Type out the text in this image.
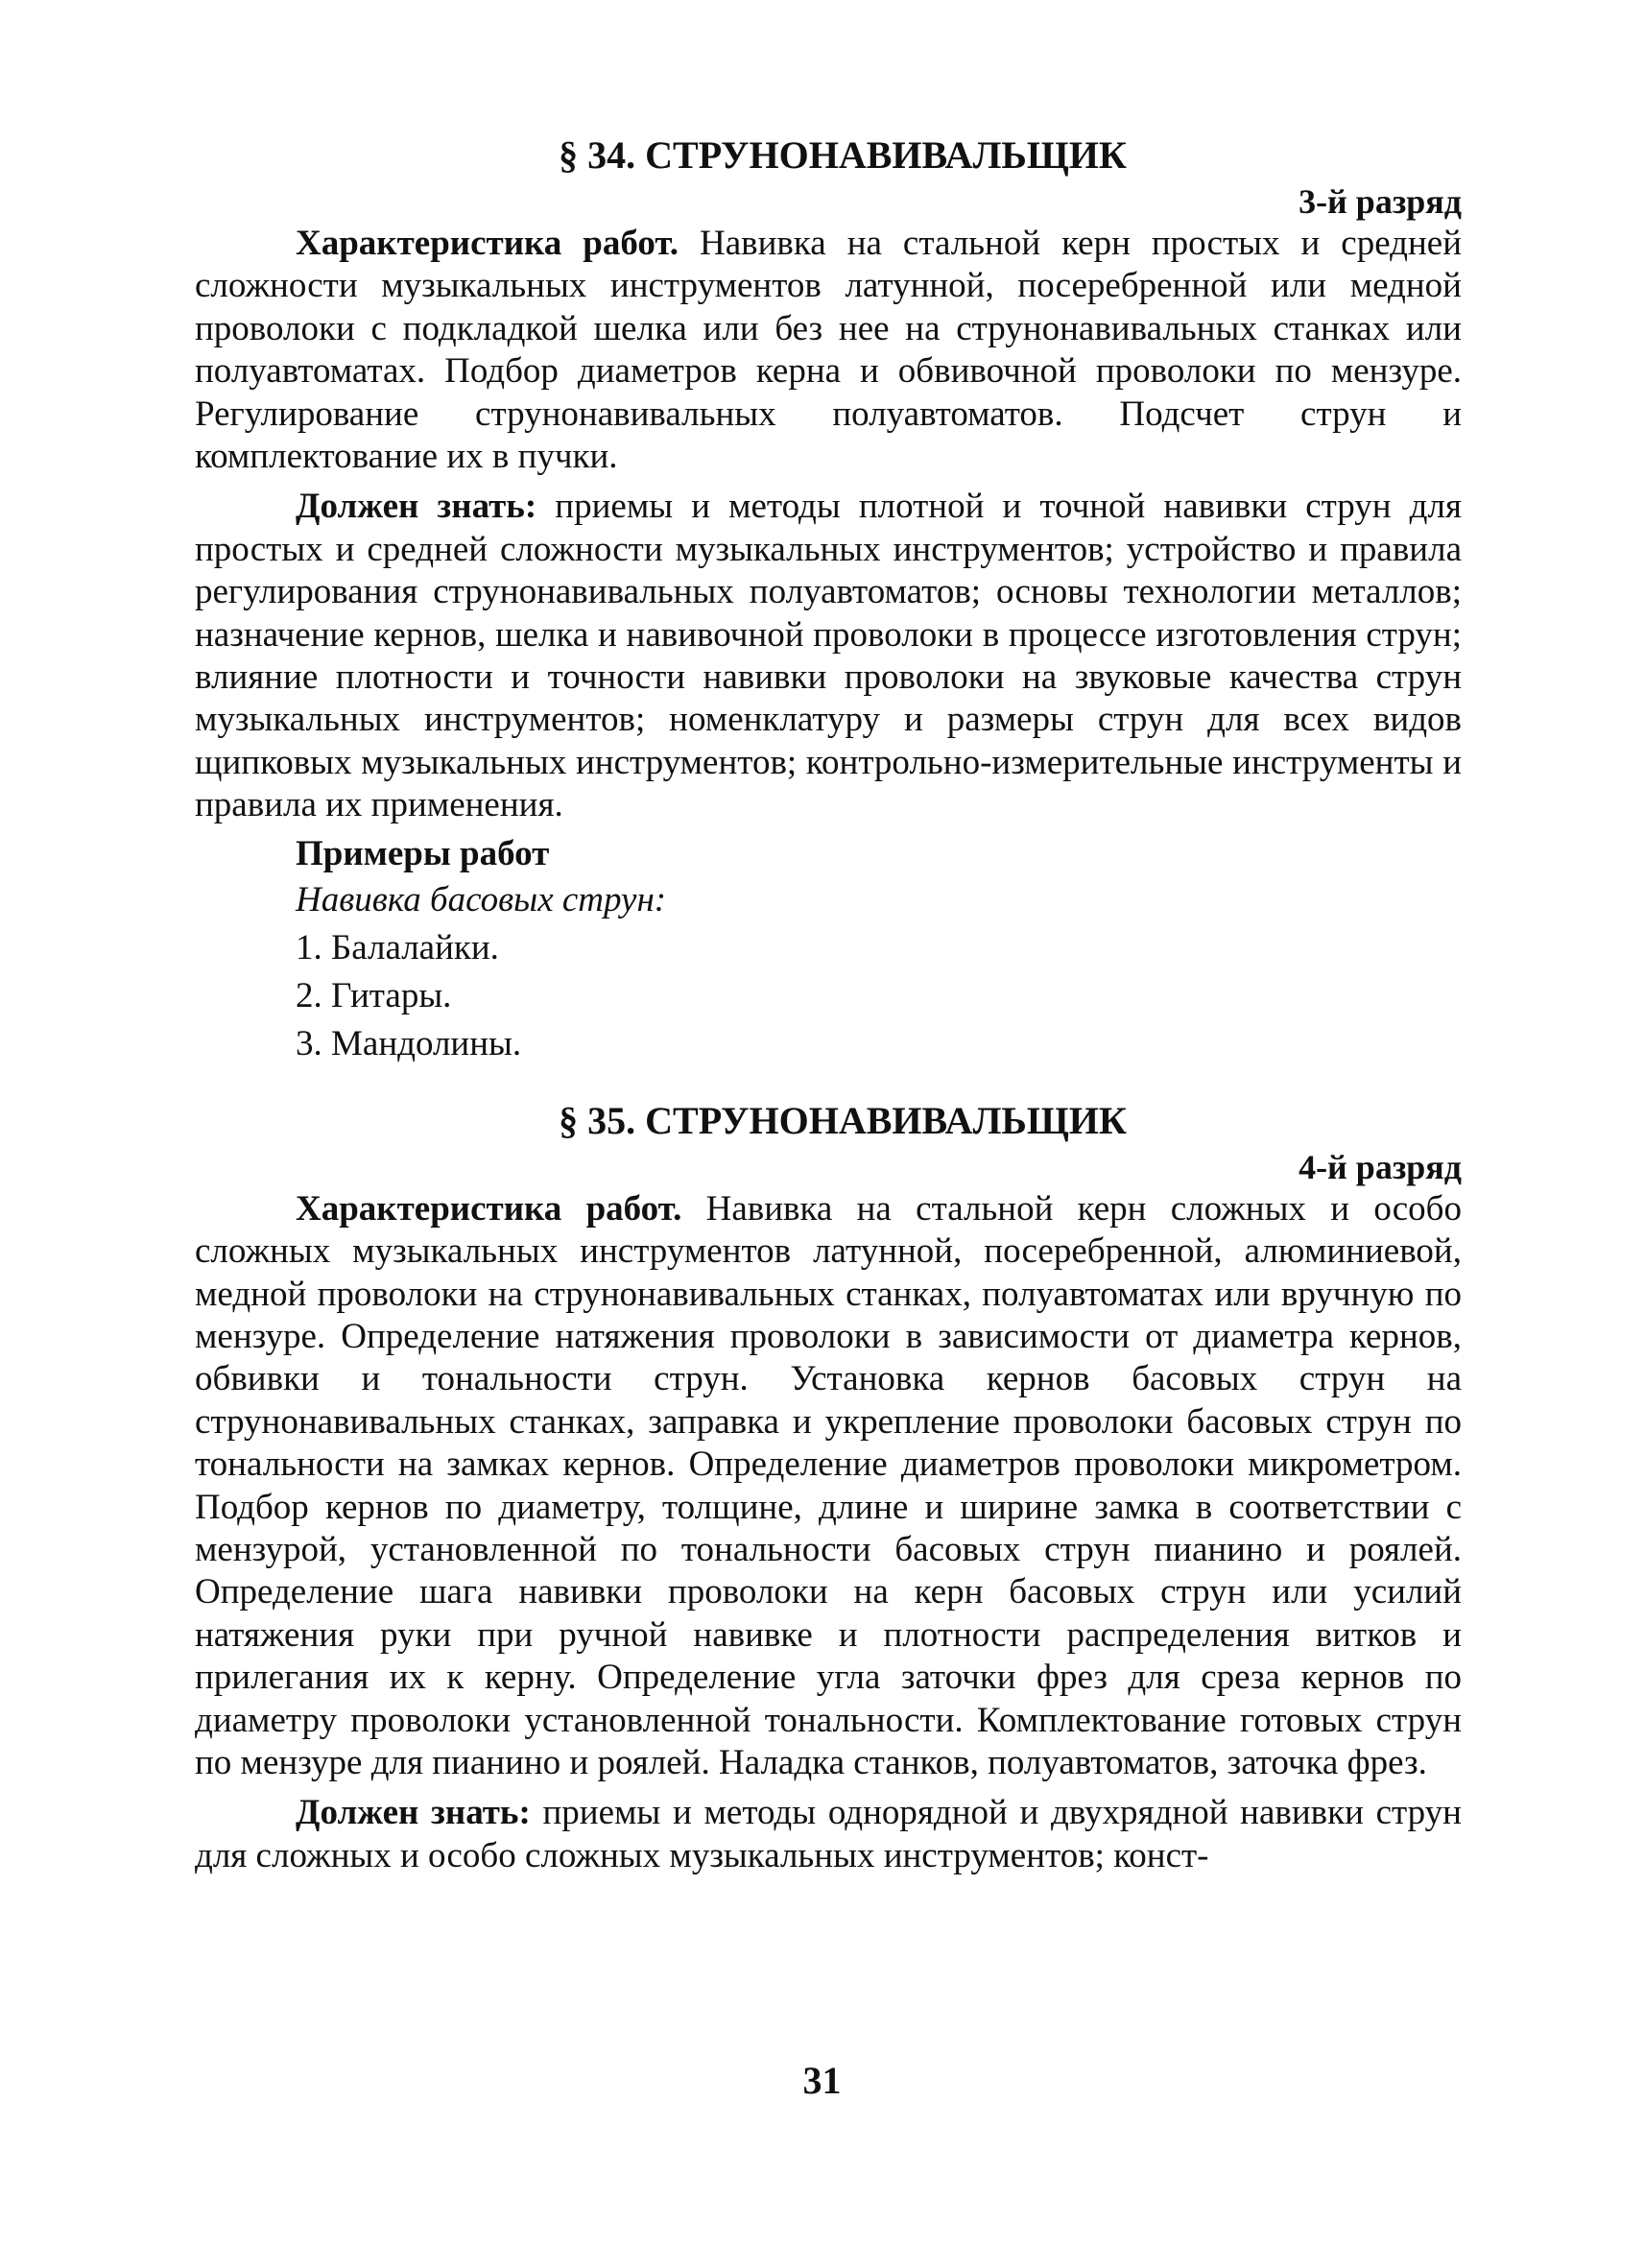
§ 34. СТРУНОНАВИВАЛЬЩИК
3-й разряд

Характеристика работ. Навивка на стальной керн простых и средней сложности музыкальных инструментов латунной, посеребренной или медной проволоки с подкладкой шелка или без нее на струнонавивальных станках или полуавтоматах. Подбор диаметров керна и обвивочной проволоки по мензуре. Регулирование струнонавивальных полуавтоматов. Подсчет струн и комплектование их в пучки.

Должен знать: приемы и методы плотной и точной навивки струн для простых и средней сложности музыкальных инструментов; устройство и правила регулирования струнонавивальных полуавтоматов; основы технологии металлов; назначение кернов, шелка и навивочной проволоки в процессе изготовления струн; влияние плотности и точности навивки проволоки на звуковые качества струн музыкальных инструментов; номенклатуру и размеры струн для всех видов щипковых музыкальных инструментов; контрольно-измерительные инструменты и правила их применения.

Примеры работ
Навивка басовых струн:
1. Балалайки.
2. Гитары.
3. Мандолины.
§ 35. СТРУНОНАВИВАЛЬЩИК
4-й разряд

Характеристика работ. Навивка на стальной керн сложных и особо сложных музыкальных инструментов латунной, посеребренной, алюминиевой, медной проволоки на струнонавивальных станках, полуавтоматах или вручную по мензуре. Определение натяжения проволоки в зависимости от диаметра кернов, обвивки и тональности струн. Установка кернов басовых струн на струнонавивальных станках, заправка и укрепление проволоки басовых струн по тональности на замках кернов. Определение диаметров проволоки микрометром. Подбор кернов по диаметру, толщине, длине и ширине замка в соответствии с мензурой, установленной по тональности басовых струн пианино и роялей. Определение шага навивки проволоки на керн басовых струн или усилий натяжения руки при ручной навивке и плотности распределения витков и прилегания их к керну. Определение угла заточки фрез для среза кернов по диаметру проволоки установленной тональности. Комплектование готовых струн по мензуре для пианино и роялей. Наладка станков, полуавтоматов, заточка фрез.

Должен знать: приемы и методы однорядной и двухрядной навивки струн для сложных и особо сложных музыкальных инструментов; конст-

31
